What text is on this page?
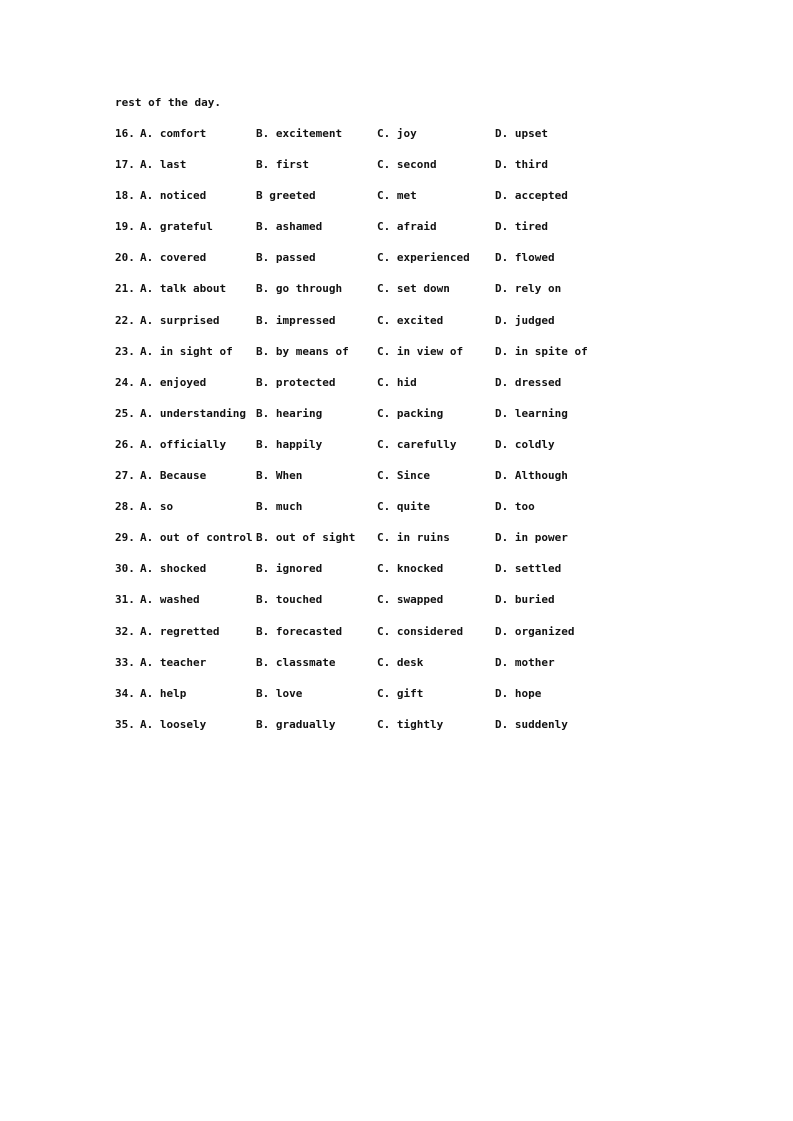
rest of the day.
16. A. comfort	B. excitement	C. joy	D. upset
17. A. last	B. first	C. second	D. third
18. A. noticed	B greeted	C. met	D. accepted
19. A. grateful	B. ashamed	C. afraid	D. tired
20. A. covered	B. passed	C. experienced D. flowed
21. A. talk about	B. go through	C. set down	D. rely on
22. A. surprised	B. impressed	C. excited	D. judged
23. A. in sight of B. by means of	C. in view of	D. in spite of
24. A. enjoyed	B. protected	C. hid	D. dressed
25. A. understanding B. hearing	C. packing	D. learning
26. A. officially	B. happily	C. carefully	D. coldly
27. A. Because	B. When	C. Since	D. Although
28. A. so	B. much	C. quite	D. too
29. A. out of control B. out of sight C. in ruins	D. in power
30. A. shocked	B. ignored	C. knocked	D. settled
31. A. washed	B. touched	C. swapped	D. buried
32. A. regretted	B. forecasted	C. considered	D. organized
33. A. teacher	B. classmate	C. desk	D. mother
34. A. help	B. love	C. gift	D. hope
35. A. loosely	B. gradually	C. tightly	D. suddenly
